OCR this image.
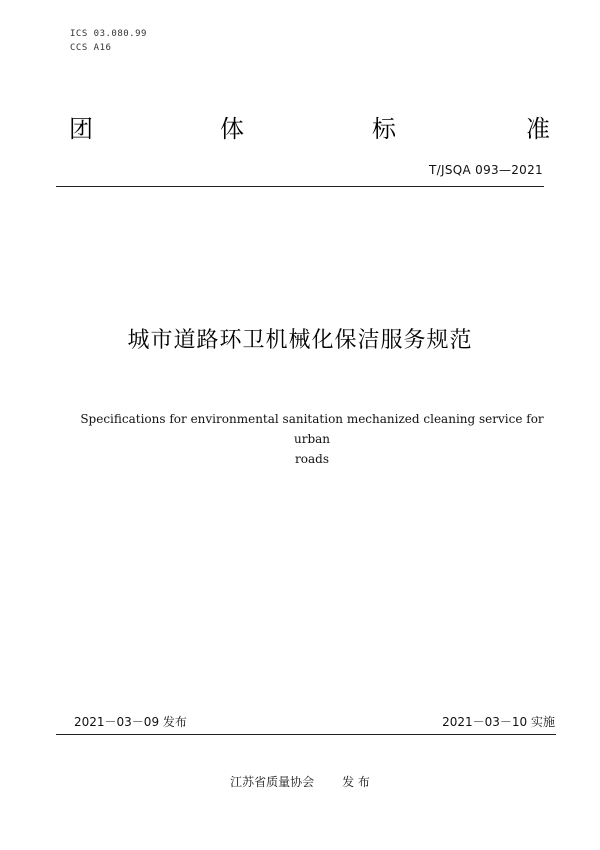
ICS 03.080.99
CCS A16
团	体	标	准
T/JSQA 093—2021
城市道路环卫机械化保洁服务规范
Specifications for environmental sanitation mechanized cleaning service for urban
roads
2021－03－09 发布	2021－03－10 实施
江苏省质量协会 发 布
